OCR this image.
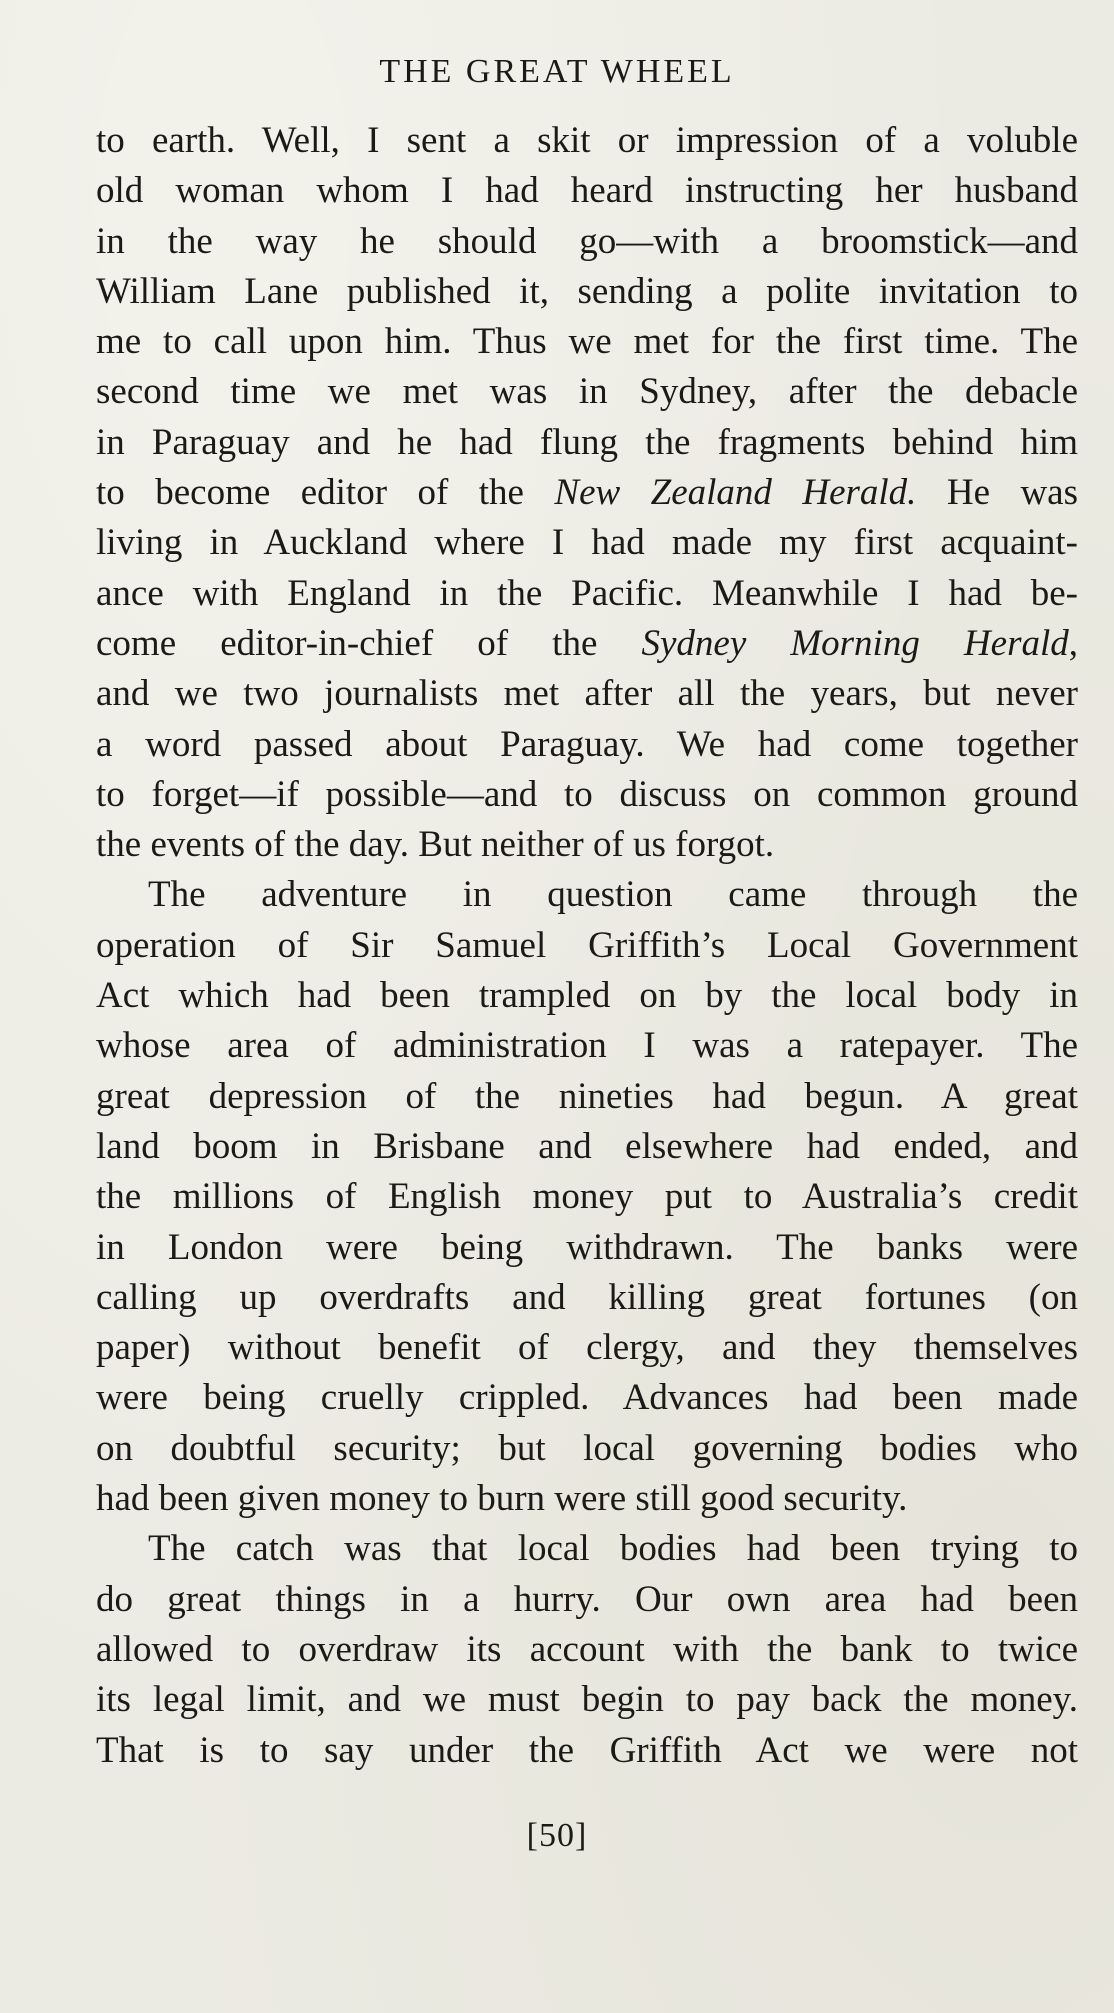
THE GREAT WHEEL
to earth. Well, I sent a skit or impression of a voluble
old woman whom I had heard instructing her husband
in the way he should go—with a broomstick—and
William Lane published it, sending a polite invitation to
me to call upon him. Thus we met for the first time. The
second time we met was in Sydney, after the debacle
in Paraguay and he had flung the fragments behind him
to become editor of the New Zealand Herald. He was
living in Auckland where I had made my first acquaint-
ance with England in the Pacific. Meanwhile I had be-
come editor-in-chief of the Sydney Morning Herald,
and we two journalists met after all the years, but never
a word passed about Paraguay. We had come together
to forget—if possible—and to discuss on common ground
the events of the day. But neither of us forgot.
The adventure in question came through the
operation of Sir Samuel Griffith’s Local Government
Act which had been trampled on by the local body in
whose area of administration I was a ratepayer. The
great depression of the nineties had begun. A great
land boom in Brisbane and elsewhere had ended, and
the millions of English money put to Australia’s credit
in London were being withdrawn. The banks were
calling up overdrafts and killing great fortunes (on
paper) without benefit of clergy, and they themselves
were being cruelly crippled. Advances had been made
on doubtful security; but local governing bodies who
had been given money to burn were still good security.
The catch was that local bodies had been trying to
do great things in a hurry. Our own area had been
allowed to overdraw its account with the bank to twice
its legal limit, and we must begin to pay back the money.
That is to say under the Griffith Act we were not
[50]
